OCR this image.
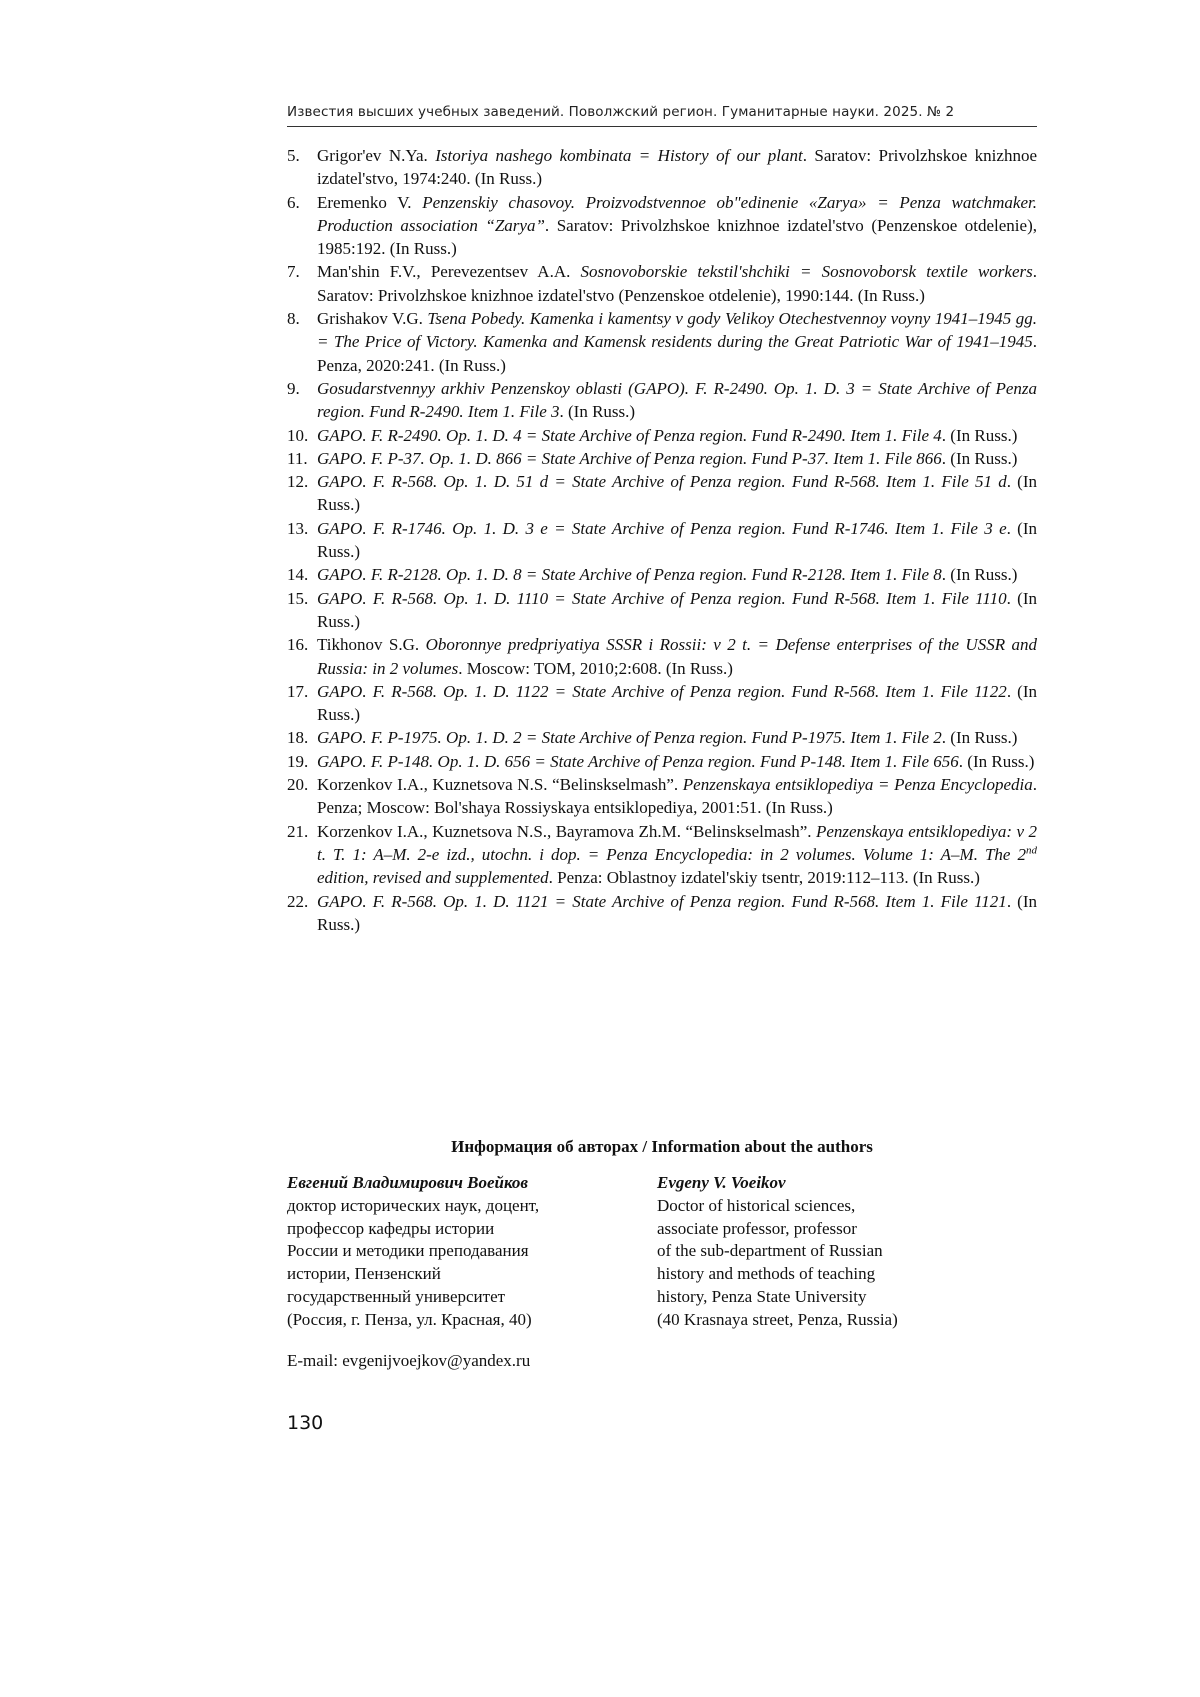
Известия высших учебных заведений. Поволжский регион. Гуманитарные науки. 2025. № 2
5.	Grigor'ev N.Ya. Istoriya nashego kombinata = History of our plant. Saratov: Privolzhskoe knizhnoe izdatel'stvo, 1974:240. (In Russ.)
6.	Eremenko V. Penzenskiy chasovoy. Proizvodstvennoe ob"edinenie «Zarya» = Penza watchmaker. Production association “Zarya”. Saratov: Privolzhskoe knizhnoe izdatel'stvo (Penzenskoe otdelenie), 1985:192. (In Russ.)
7.	Man'shin F.V., Perevezentsev A.A. Sosnovoborskie tekstil'shchiki = Sosnovoborsk textile workers. Saratov: Privolzhskoe knizhnoe izdatel'stvo (Penzenskoe otdelenie), 1990:144. (In Russ.)
8.	Grishakov V.G. Tsena Pobedy. Kamenka i kamentsy v gody Velikoy Otechestvennoy voyny 1941–1945 gg. = The Price of Victory. Kamenka and Kamensk residents during the Great Patriotic War of 1941–1945. Penza, 2020:241. (In Russ.)
9.	Gosudarstvennyy arkhiv Penzenskoy oblasti (GAPO). F. R-2490. Op. 1. D. 3 = State Archive of Penza region. Fund R-2490. Item 1. File 3. (In Russ.)
10. GAPO. F. R-2490. Op. 1. D. 4 = State Archive of Penza region. Fund R-2490. Item 1. File 4. (In Russ.)
11. GAPO. F. P-37. Op. 1. D. 866 = State Archive of Penza region. Fund P-37. Item 1. File 866. (In Russ.)
12. GAPO. F. R-568. Op. 1. D. 51 d = State Archive of Penza region. Fund R-568. Item 1. File 51 d. (In Russ.)
13. GAPO. F. R-1746. Op. 1. D. 3 e = State Archive of Penza region. Fund R-1746. Item 1. File 3 e. (In Russ.)
14. GAPO. F. R-2128. Op. 1. D. 8 = State Archive of Penza region. Fund R-2128. Item 1. File 8. (In Russ.)
15. GAPO. F. R-568. Op. 1. D. 1110 = State Archive of Penza region. Fund R-568. Item 1. File 1110. (In Russ.)
16. Tikhonov S.G. Oboronnye predpriyatiya SSSR i Rossii: v 2 t. = Defense enterprises of the USSR and Russia: in 2 volumes. Moscow: TOM, 2010;2:608. (In Russ.)
17. GAPO. F. R-568. Op. 1. D. 1122 = State Archive of Penza region. Fund R-568. Item 1. File 1122. (In Russ.)
18. GAPO. F. P-1975. Op. 1. D. 2 = State Archive of Penza region. Fund P-1975. Item 1. File 2. (In Russ.)
19. GAPO. F. P-148. Op. 1. D. 656 = State Archive of Penza region. Fund P-148. Item 1. File 656. (In Russ.)
20. Korzenkov I.A., Kuznetsova N.S. “Belinskselmash”. Penzenskaya entsiklopediya = Penza Encyclopedia. Penza; Moscow: Bol'shaya Rossiyskaya entsiklopediya, 2001:51. (In Russ.)
21. Korzenkov I.A., Kuznetsova N.S., Bayramova Zh.M. “Belinskselmash”. Penzenskaya entsiklopediya: v 2 t. T. 1: A–M. 2-e izd., utochn. i dop. = Penza Encyclopedia: in 2 volumes. Volume 1: A–M. The 2nd edition, revised and supplemented. Penza: Oblastnoy izdatel'skiy tsentr, 2019:112–113. (In Russ.)
22. GAPO. F. R-568. Op. 1. D. 1121 = State Archive of Penza region. Fund R-568. Item 1. File 1121. (In Russ.)
Информация об авторах / Information about the authors
Евгений Владимирович Воейков
доктор исторических наук, доцент,
профессор кафедры истории
России и методики преподавания
истории, Пензенский
государственный университет
(Россия, г. Пенза, ул. Красная, 40)
Evgeny V. Voeikov
Doctor of historical sciences,
associate professor, professor
of the sub-department of Russian
history and methods of teaching
history, Penza State University
(40 Krasnaya street, Penza, Russia)
E-mail: evgenijvoejkov@yandex.ru
130
